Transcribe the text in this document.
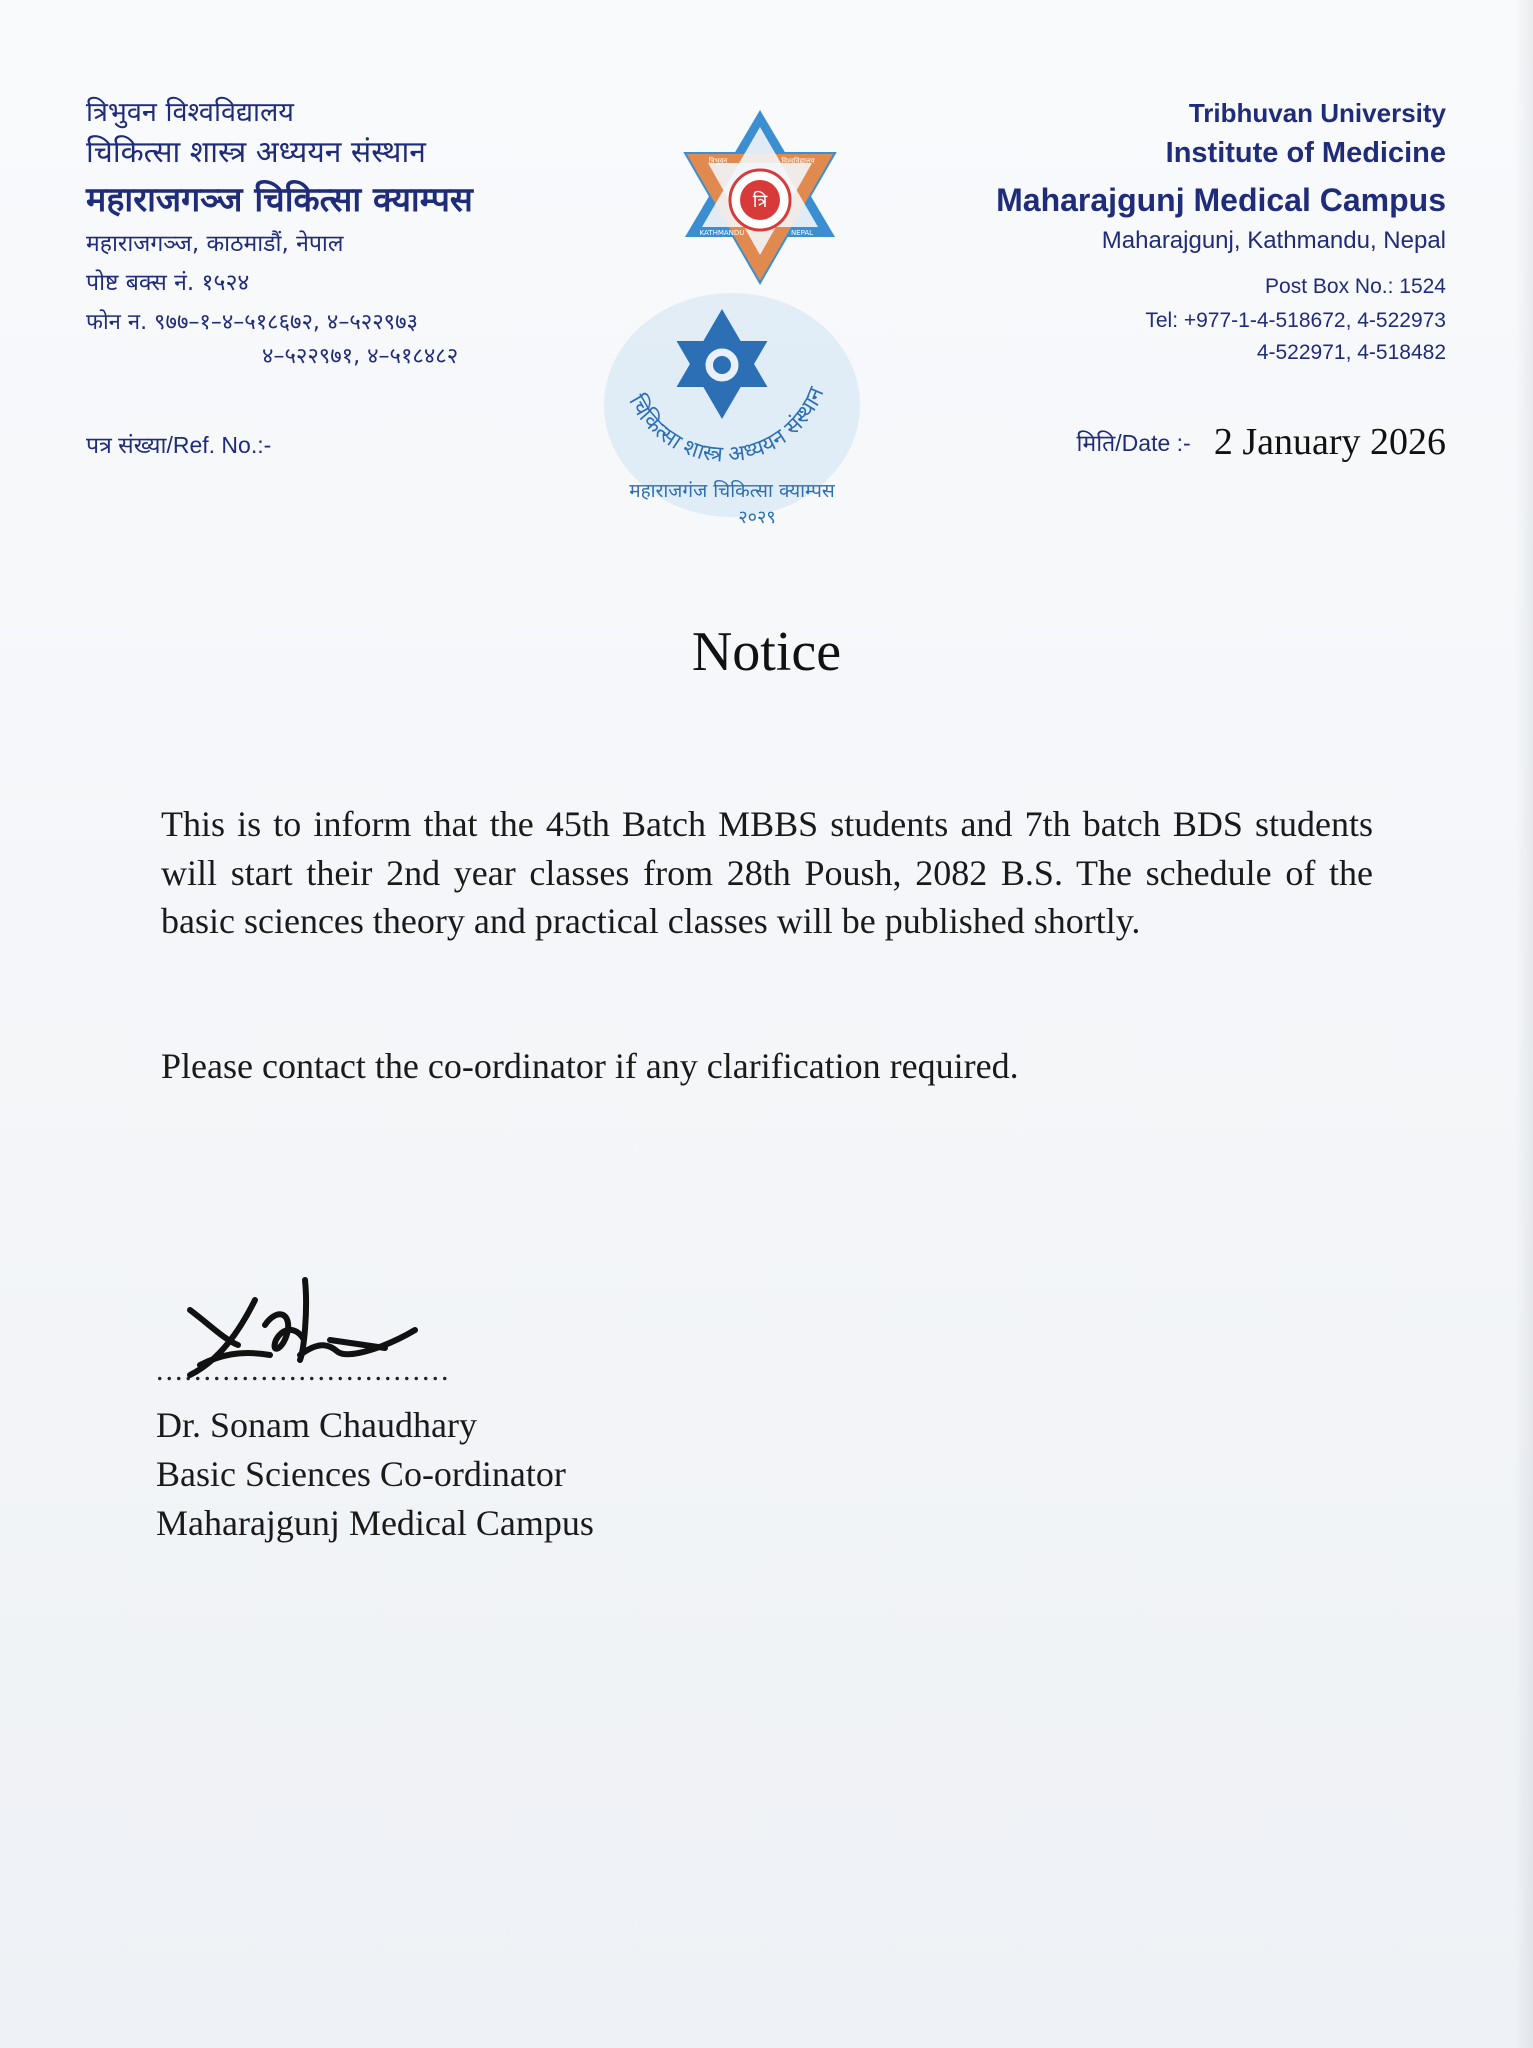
त्रिभुवन विश्वविद्यालय
चिकित्सा शास्त्र अध्ययन संस्थान
महाराजगञ्ज चिकित्सा क्याम्पस
महाराजगञ्ज, काठमाडौं, नेपाल
पोष्ट बक्स नं. १५२४
फोन न. ९७७–१–४–५१८६७२, ४–५२२९७३
४–५२२९७१, ४–५१८४८२
पत्र संख्या/Ref. No.:-
Tribhuvan University
Institute of Medicine
Maharajgunj Medical Campus
Maharajgunj, Kathmandu, Nepal
Post Box No.: 1524
Tel: +977-1-4-518672, 4-522973
4-522971, 4-518482
मिति/Date :- 2 January 2026
त्रि
त्रिभुवन	विश्वविद्यालय
KATHMANDU	NEPAL
चिकित्सा शास्त्र अध्ययन संस्थान
महाराजगंज चिकित्सा क्याम्पस
२०२९
Notice
This is to inform that the 45th Batch MBBS students and 7th batch BDS students will start their 2nd year classes from 28th Poush, 2082 B.S. The schedule of the basic sciences theory and practical classes will be published shortly.
Please contact the co-ordinator if any clarification required.
...............................
Dr. Sonam Chaudhary
Basic Sciences Co-ordinator
Maharajgunj Medical Campus
